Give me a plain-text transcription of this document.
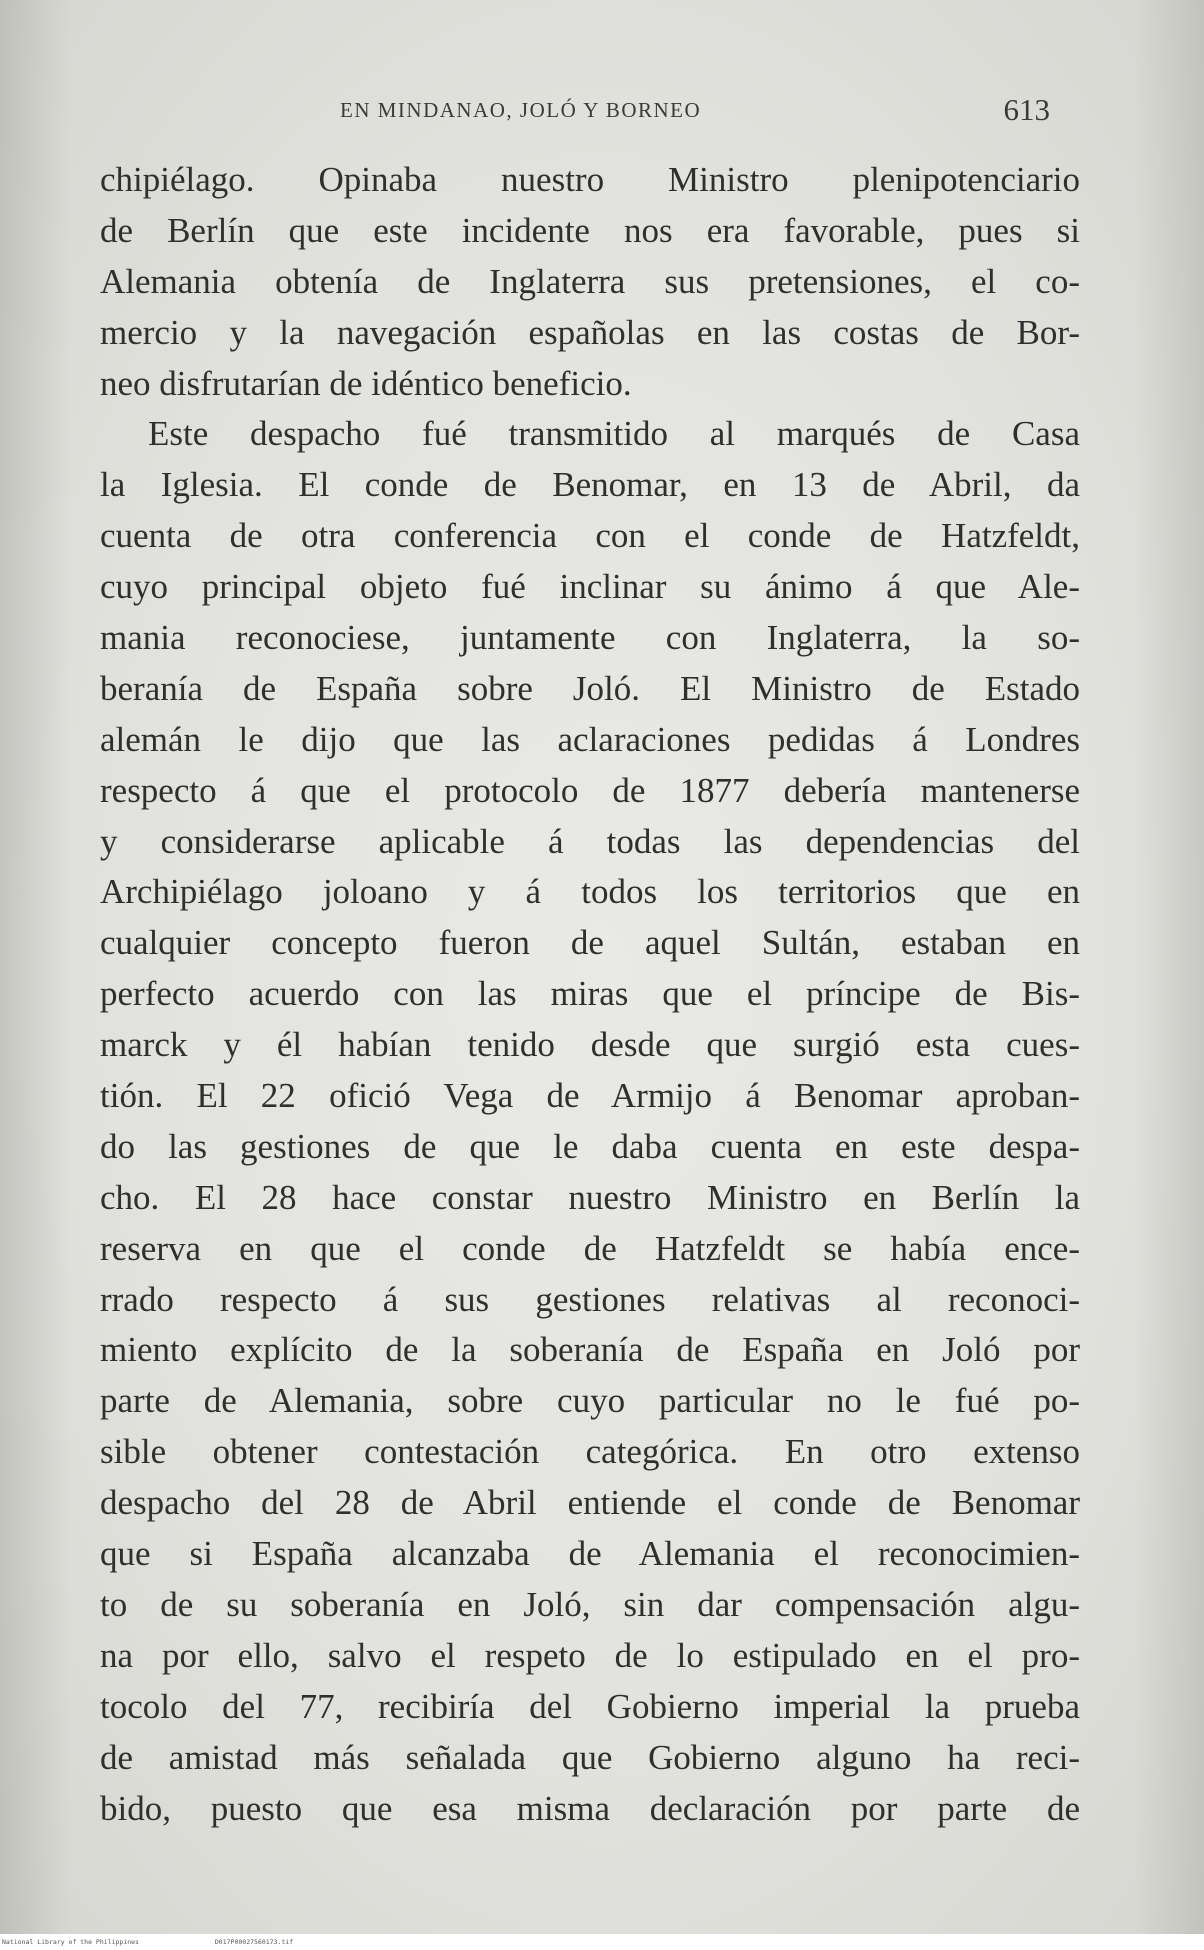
EN MINDANAO, JOLÓ Y BORNEO	613
chipiélago. Opinaba nuestro Ministro plenipotenciario
de Berlín que este incidente nos era favorable, pues si
Alemania obtenía de Inglaterra sus pretensiones, el co-
mercio y la navegación españolas en las costas de Bor-
neo disfrutarían de idéntico beneficio.
Este despacho fué transmitido al marqués de Casa
la Iglesia. El conde de Benomar, en 13 de Abril, da
cuenta de otra conferencia con el conde de Hatzfeldt,
cuyo principal objeto fué inclinar su ánimo á que Ale-
mania reconociese, juntamente con Inglaterra, la so-
beranía de España sobre Joló. El Ministro de Estado
alemán le dijo que las aclaraciones pedidas á Londres
respecto á que el protocolo de 1877 debería mantenerse
y considerarse aplicable á todas las dependencias del
Archipiélago joloano y á todos los territorios que en
cualquier concepto fueron de aquel Sultán, estaban en
perfecto acuerdo con las miras que el príncipe de Bis-
marck y él habían tenido desde que surgió esta cues-
tión. El 22 ofició Vega de Armijo á Benomar aproban-
do las gestiones de que le daba cuenta en este despa-
cho. El 28 hace constar nuestro Ministro en Berlín la
reserva en que el conde de Hatzfeldt se había ence-
rrado respecto á sus gestiones relativas al reconoci-
miento explícito de la soberanía de España en Joló por
parte de Alemania, sobre cuyo particular no le fué po-
sible obtener contestación categórica. En otro extenso
despacho del 28 de Abril entiende el conde de Benomar
que si España alcanzaba de Alemania el reconocimien-
to de su soberanía en Joló, sin dar compensación algu-
na por ello, salvo el respeto de lo estipulado en el pro-
tocolo del 77, recibiría del Gobierno imperial la prueba
de amistad más señalada que Gobierno alguno ha reci-
bido, puesto que esa misma declaración por parte de
National Library of the Philippines	D017P00027560173.tif
